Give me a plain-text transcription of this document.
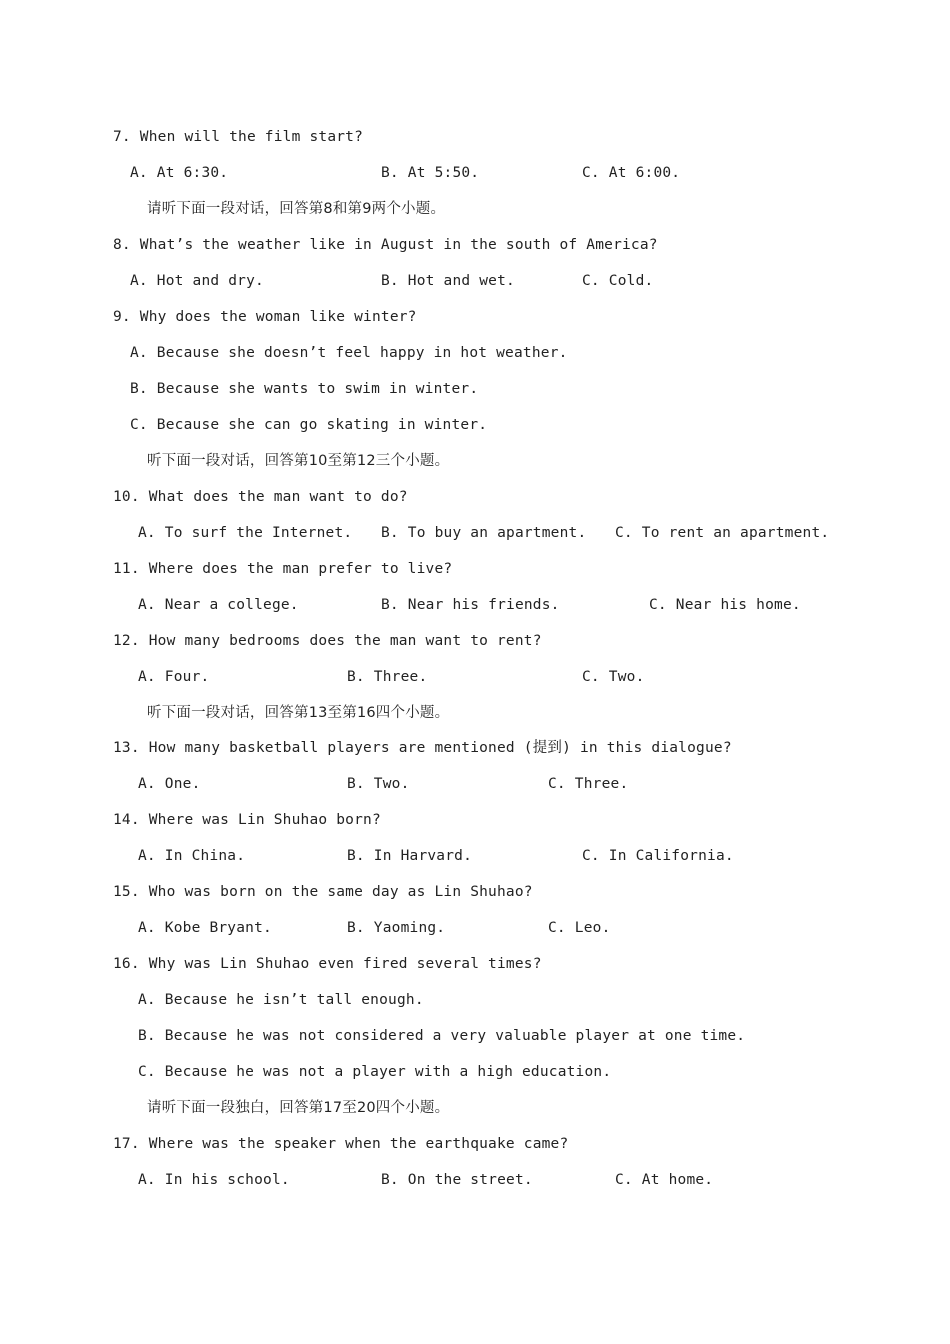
7. When will the film start?
A. At 6:30.	B. At 5:50.	C. At 6:00.
请听下面一段对话，回答第8和第9两个小题。
8. What’s the weather like in August in the south of America?
A. Hot and dry.	B. Hot and wet.	C. Cold.
9. Why does the woman like winter?
A. Because she doesn’t feel happy in hot weather.
B. Because she wants to swim in winter.
C. Because she can go skating in winter.
听下面一段对话，回答第10至第12三个小题。
10. What does the man want to do?
A. To surf the Internet. B. To buy an apartment. C. To rent an apartment.
11. Where does the man prefer to live?
A. Near a college.	B. Near his friends.	C. Near his home.
12. How many bedrooms does the man want to rent?
A. Four.	B. Three.	C. Two.
听下面一段对话，回答第13至第16四个小题。
13. How many basketball players are mentioned (提到) in this dialogue?
A. One.	B. Two.	C. Three.
14. Where was Lin Shuhao born?
A. In China.	B. In Harvard.	C. In California.
15. Who was born on the same day as Lin Shuhao?
A. Kobe Bryant.	B. Yaoming.	C. Leo.
16. Why was Lin Shuhao even fired several times?
A. Because he isn’t tall enough.
B. Because he was not considered a very valuable player at one time.
C. Because he was not a player with a high education.
请听下面一段独白，回答第17至20四个小题。
17. Where was the speaker when the earthquake came?
A. In his school.	B. On the street.	C. At home.
